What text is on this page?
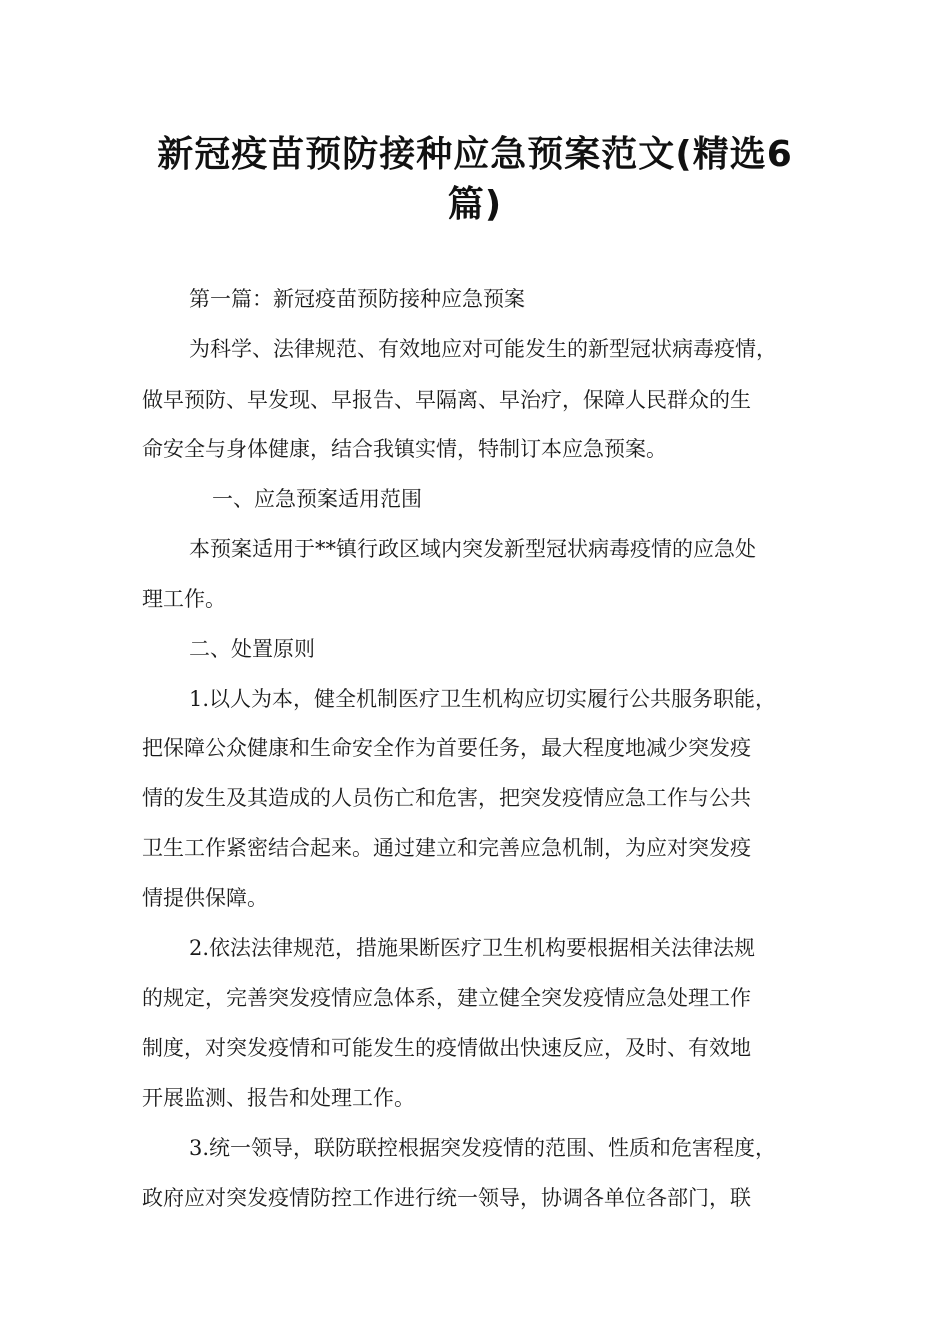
新冠疫苗预防接种应急预案范文(精选6
篇)

第一篇：新冠疫苗预防接种应急预案

为科学、法律规范、有效地应对可能发生的新型冠状病毒疫情，

做早预防、早发现、早报告、早隔离、早治疗，保障人民群众的生

命安全与身体健康，结合我镇实情，特制订本应急预案。

一、应急预案适用范围

本预案适用于**镇行政区域内突发新型冠状病毒疫情的应急处

理工作。

二、处置原则

1.以人为本，健全机制医疗卫生机构应切实履行公共服务职能，

把保障公众健康和生命安全作为首要任务，最大程度地减少突发疫

情的发生及其造成的人员伤亡和危害，把突发疫情应急工作与公共

卫生工作紧密结合起来。通过建立和完善应急机制，为应对突发疫

情提供保障。

2.依法法律规范，措施果断医疗卫生机构要根据相关法律法规

的规定，完善突发疫情应急体系，建立健全突发疫情应急处理工作

制度，对突发疫情和可能发生的疫情做出快速反应，及时、有效地

开展监测、报告和处理工作。

3.统一领导，联防联控根据突发疫情的范围、性质和危害程度，

政府应对突发疫情防控工作进行统一领导，协调各单位各部门，联
